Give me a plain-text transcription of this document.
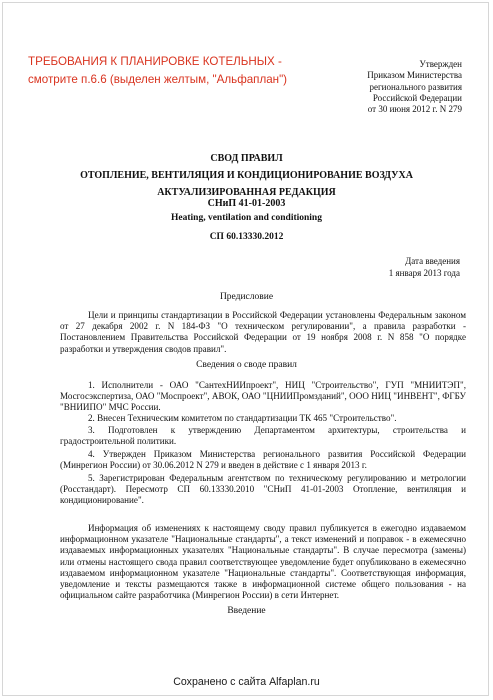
ТРЕБОВАНИЯ К ПЛАНИРОВКЕ КОТЕЛЬНЫХ -
смотрите п.6.6 (выделен желтым, "Альфаплан")
Утвержден
Приказом Министерства
регионального развития
Российской Федерации
от 30 июня 2012 г. N 279
СВОД ПРАВИЛ
ОТОПЛЕНИЕ, ВЕНТИЛЯЦИЯ И КОНДИЦИОНИРОВАНИЕ ВОЗДУХА
АКТУАЛИЗИРОВАННАЯ РЕДАКЦИЯ
СНиП 41-01-2003
Heating, ventilation and conditioning
СП 60.13330.2012
Дата введения
1 января 2013 года
Предисловие

Цели и принципы стандартизации в Российской Федерации установлены Федеральным законом от 27 декабря 2002 г. N 184-ФЗ "О техническом регулировании", а правила разработки - Постановлением Правительства Российской Федерации от 19 ноября 2008 г. N 858 "О порядке разработки и утверждения сводов правил".

Сведения о своде правил

1. Исполнители - ОАО "СантехНИИпроект", НИЦ "Строительство", ГУП "МНИИТЭП", Мосгосэкспертиза, ОАО "Моспроект", АВОК, ОАО "ЦНИИПромзданий", ООО НИЦ "ИНВЕНТ", ФГБУ "ВНИИПО" МЧС России.

2. Внесен Техническим комитетом по стандартизации ТК 465 "Строительство".

3. Подготовлен к утверждению Департаментом архитектуры, строительства и градостроительной политики.

4. Утвержден Приказом Министерства регионального развития Российской Федерации (Минрегион России) от 30.06.2012 N 279 и введен в действие с 1 января 2013 г.

5. Зарегистрирован Федеральным агентством по техническому регулированию и метрологии (Росстандарт). Пересмотр СП 60.13330.2010 "СНиП 41-01-2003 Отопление, вентиляция и кондиционирование".

Информация об изменениях к настоящему своду правил публикуется в ежегодно издаваемом информационном указателе "Национальные стандарты", а текст изменений и поправок - в ежемесячно издаваемых информационных указателях "Национальные стандарты". В случае пересмотра (замены) или отмены настоящего свода правил соответствующее уведомление будет опубликовано в ежемесячно издаваемом информационном указателе "Национальные стандарты". Соответствующая информация, уведомление и тексты размещаются также в информационной системе общего пользования - на официальном сайте разработчика (Минрегион России) в сети Интернет.

Введение
Сохранено с сайта Alfaplan.ru
